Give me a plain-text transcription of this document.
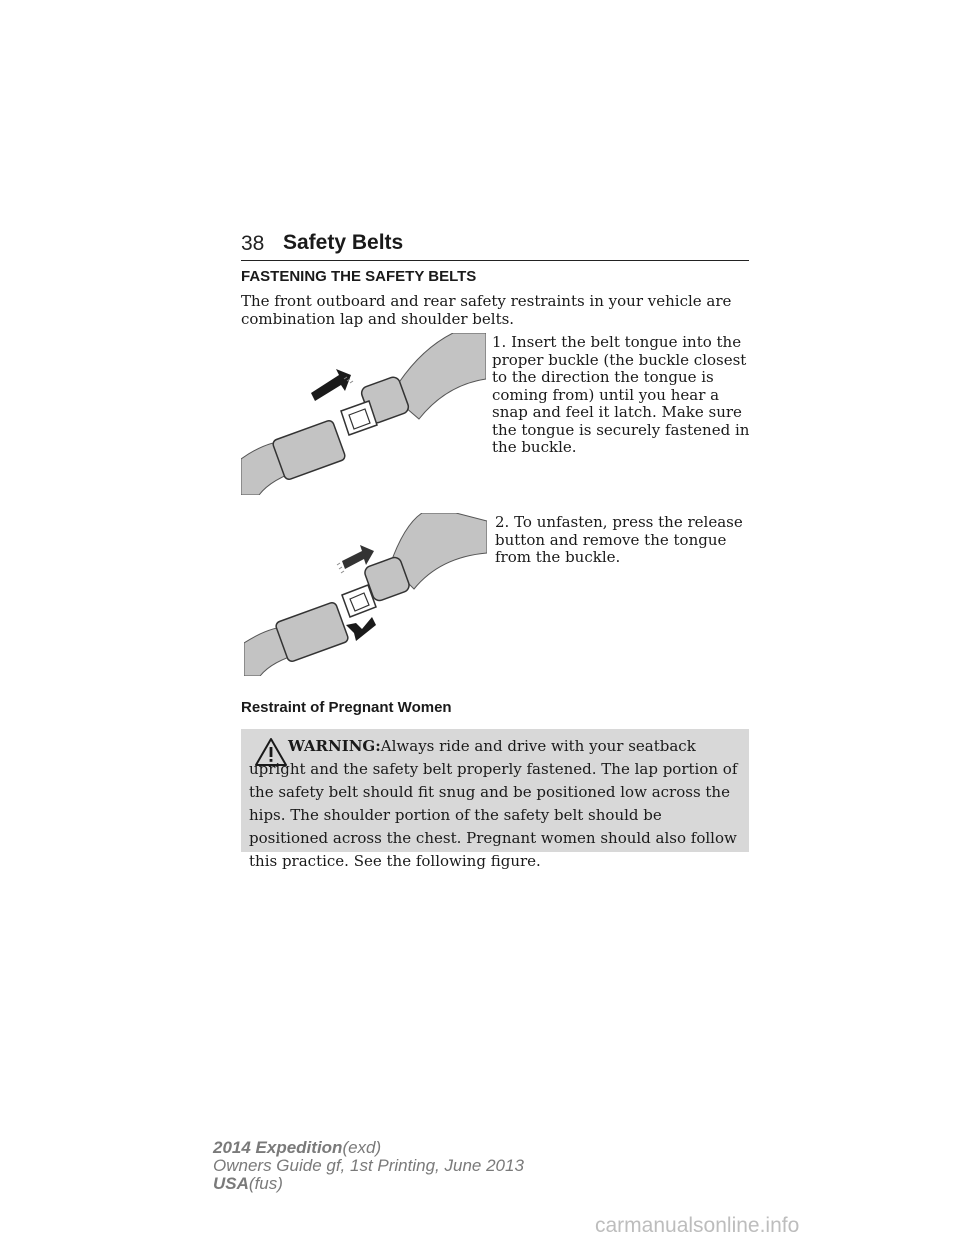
38 Safety Belts
FASTENING THE SAFETY BELTS
The front outboard and rear safety restraints in your vehicle are combination lap and shoulder belts.
1. Insert the belt tongue into the proper buckle (the buckle closest to the direction the tongue is coming from) until you hear a snap and feel it latch. Make sure the tongue is securely fastened in the buckle.
2. To unfasten, press the release button and remove the tongue from the buckle.
Restraint of Pregnant Women
WARNING:Always ride and drive with your seatback upright and the safety belt properly fastened. The lap portion of the safety belt should fit snug and be positioned low across the hips. The shoulder portion of the safety belt should be positioned across the chest. Pregnant women should also follow this practice. See the following figure.
2014 Expedition(exd)
Owners Guide gf, 1st Printing, June 2013
USA(fus)
carmanualsonline.info
